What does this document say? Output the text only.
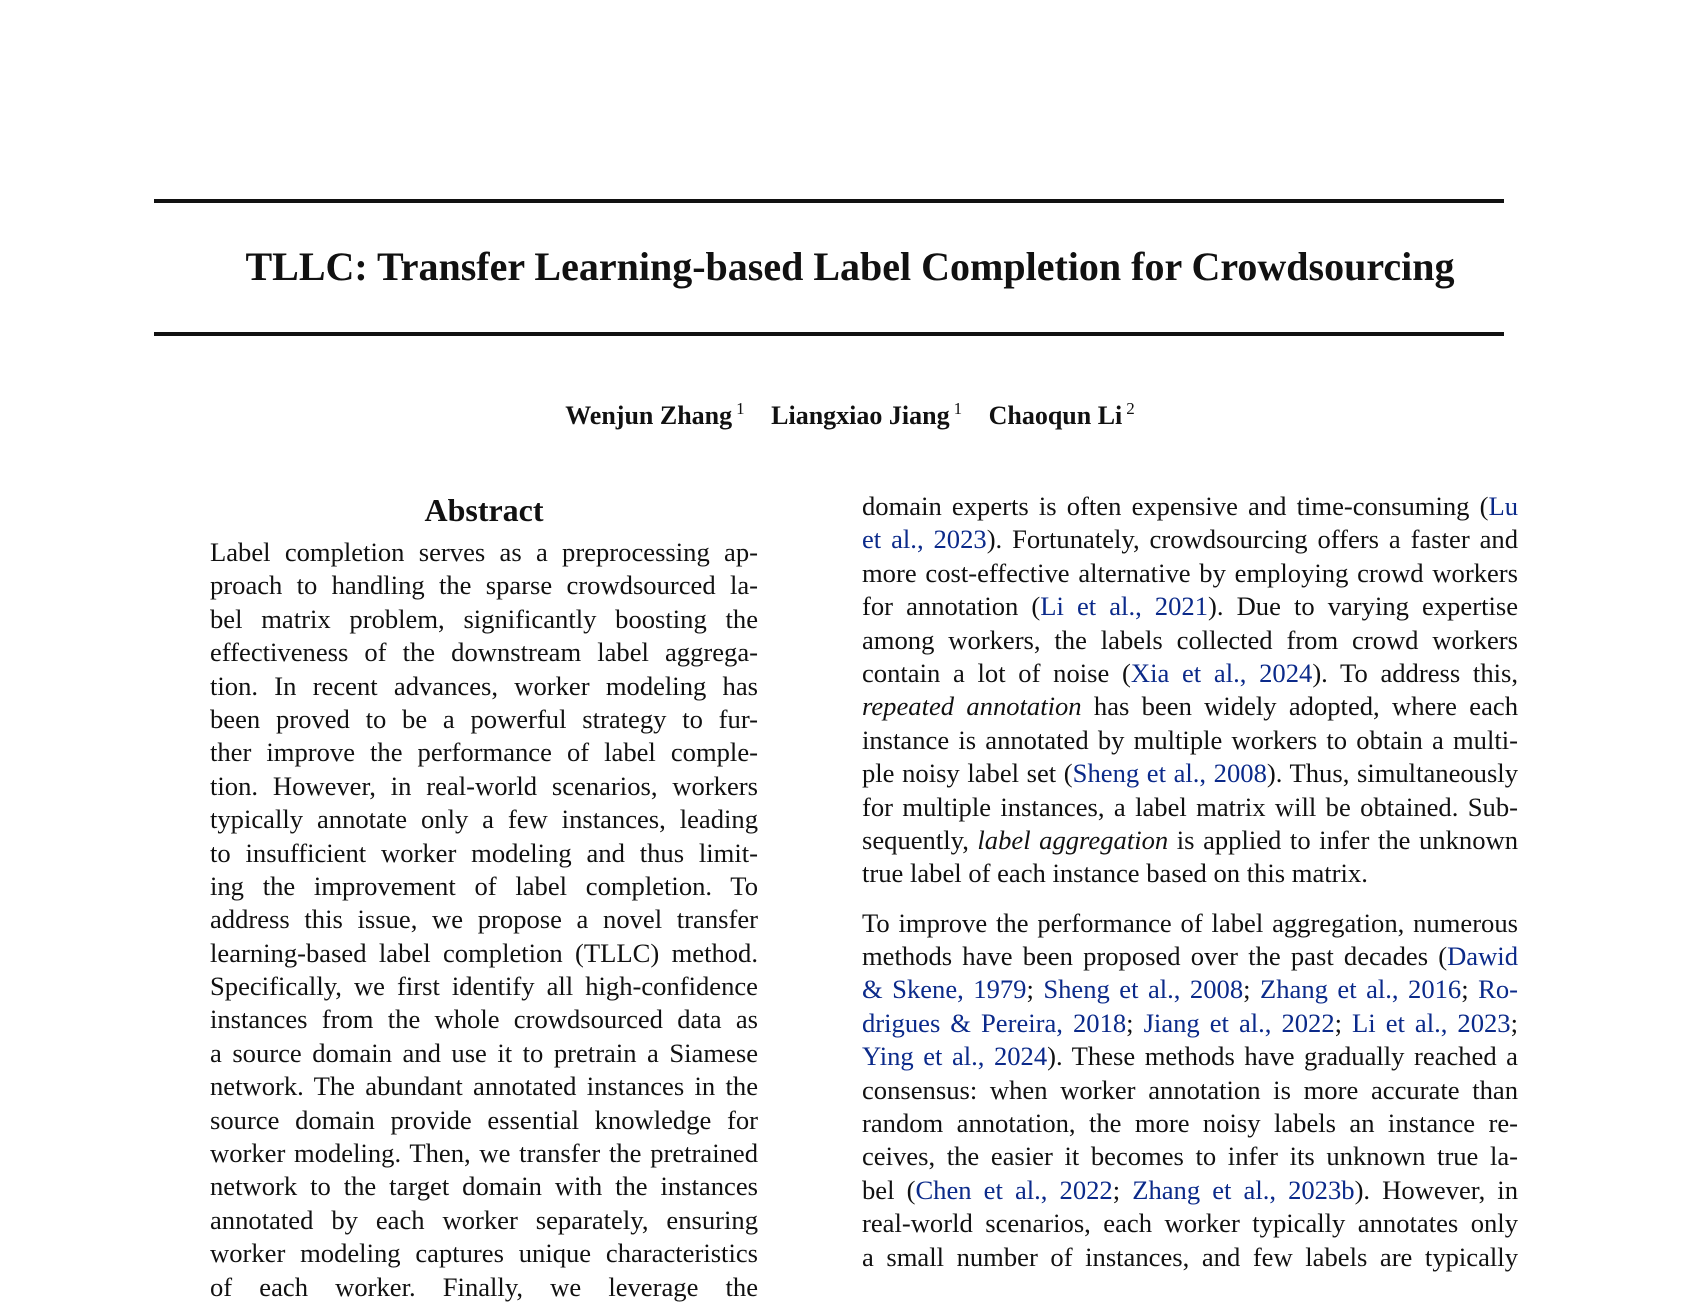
TLLC: Transfer Learning-based Label Completion for Crowdsourcing
Wenjun Zhang $^1$ Liangxiao Jiang $^1$ Chaoqun Li $^2$
Abstract
Label completion serves as a preprocessing ap-
proach to handling the sparse crowdsourced la-
bel matrix problem, significantly boosting the
effectiveness of the downstream label aggrega-
tion. In recent advances, worker modeling has
been proved to be a powerful strategy to fur-
ther improve the performance of label comple-
tion. However, in real-world scenarios, workers
typically annotate only a few instances, leading
to insufficient worker modeling and thus limit-
ing the improvement of label completion. To
address this issue, we propose a novel transfer
learning-based label completion (TLLC) method.
Specifically, we first identify all high-confidence
instances from the whole crowdsourced data as
a source domain and use it to pretrain a Siamese
network. The abundant annotated instances in the
source domain provide essential knowledge for
worker modeling. Then, we transfer the pretrained
network to the target domain with the instances
annotated by each worker separately, ensuring
worker modeling captures unique characteristics
of each worker. Finally, we leverage the
domain experts is often expensive and time-consuming (Lu
et al., 2023). Fortunately, crowdsourcing offers a faster and
more cost-effective alternative by employing crowd workers
for annotation (Li et al., 2021). Due to varying expertise
among workers, the labels collected from crowd workers
contain a lot of noise (Xia et al., 2024). To address this,
repeated annotation has been widely adopted, where each
instance is annotated by multiple workers to obtain a multi-
ple noisy label set (Sheng et al., 2008). Thus, simultaneously
for multiple instances, a label matrix will be obtained. Sub-
sequently, label aggregation is applied to infer the unknown
true label of each instance based on this matrix.
To improve the performance of label aggregation, numerous
methods have been proposed over the past decades (Dawid
& Skene, 1979; Sheng et al., 2008; Zhang et al., 2016; Ro-
drigues & Pereira, 2018; Jiang et al., 2022; Li et al., 2023;
Ying et al., 2024). These methods have gradually reached a
consensus: when worker annotation is more accurate than
random annotation, the more noisy labels an instance re-
ceives, the easier it becomes to infer its unknown true la-
bel (Chen et al., 2022; Zhang et al., 2023b). However, in
real-world scenarios, each worker typically annotates only
a small number of instances, and few labels are typically
